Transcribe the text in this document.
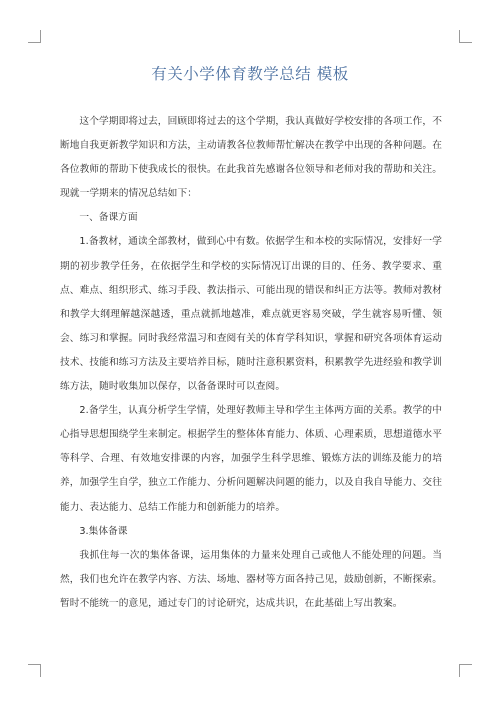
有关小学体育教学总结 模板

这个学期即将过去，回顾即将过去的这个学期，我认真做好学校安排的各项工作，不断地自我更新教学知识和方法，主动请教各位教师帮忙解决在教学中出现的各种问题。在各位教师的帮助下使我成长的很快。在此我首先感谢各位领导和老师对我的帮助和关注。现就一学期来的情况总结如下：

一、备课方面

1.备教材，通读全部教材，做到心中有数。依据学生和本校的实际情况，安排好一学期的初步教学任务，在依据学生和学校的实际情况订出课的目的、任务、教学要求、重点、难点、组织形式、练习手段、教法指示、可能出现的错误和纠正方法等。教师对教材和教学大纲理解越深越透，重点就抓地越准，难点就更容易突破，学生就容易听懂、领会、练习和掌握。同时我经常温习和查阅有关的体育学科知识，掌握和研究各项体育运动技术、技能和练习方法及主要培养目标，随时注意积累资料，积累教学先进经验和教学训练方法，随时收集加以保存，以备备课时可以查阅。

2.备学生，认真分析学生学情，处理好教师主导和学生主体两方面的关系。教学的中心指导思想围绕学生来制定。根据学生的整体体育能力、体质、心理素质，思想道德水平等科学、合理、有效地安排课的内容，加强学生科学思维、锻炼方法的训练及能力的培养，加强学生自学，独立工作能力、分析问题解决问题的能力，以及自我自导能力、交往能力、表达能力、总结工作能力和创新能力的培养。

3.集体备课

我抓住每一次的集体备课，运用集体的力量来处理自己或他人不能处理的问题。当然，我们也允许在教学内容、方法、场地、器材等方面各持己见，鼓励创新，不断探索。暂时不能统一的意见，通过专门的讨论研究，达成共识，在此基础上写出教案。
